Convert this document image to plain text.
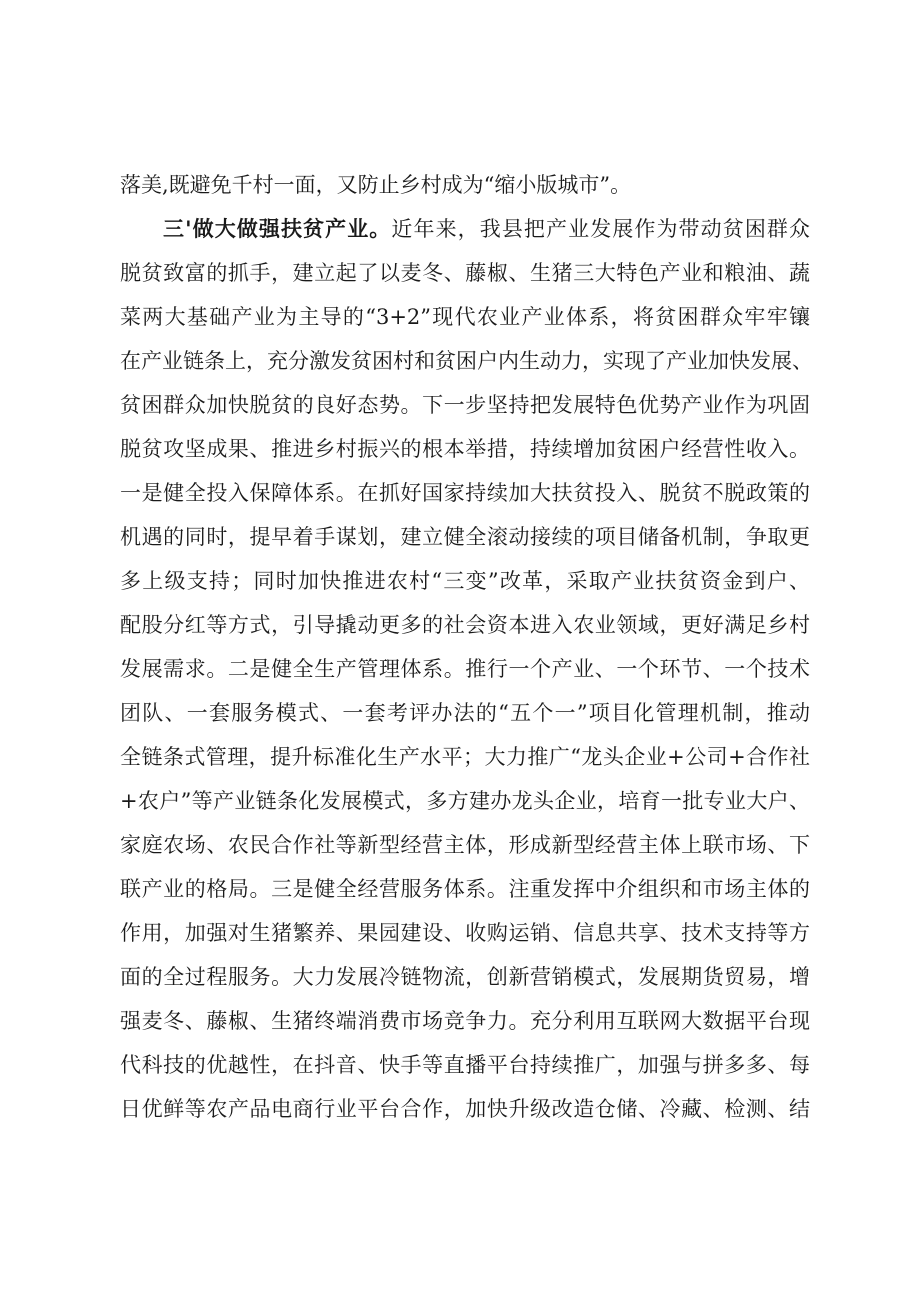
落美,既避免千村一面，又防止乡村成为“缩小版城市”。
三'做大做强扶贫产业。近年来，我县把产业发展作为带动贫困群众
脱贫致富的抓手，建立起了以麦冬、藤椒、生猪三大特色产业和粮油、蔬
菜两大基础产业为主导的“3+2”现代农业产业体系，将贫困群众牢牢镶
在产业链条上，充分激发贫困村和贫困户内生动力，实现了产业加快发展、
贫困群众加快脱贫的良好态势。下一步坚持把发展特色优势产业作为巩固
脱贫攻坚成果、推进乡村振兴的根本举措，持续增加贫困户经营性收入。
一是健全投入保障体系。在抓好国家持续加大扶贫投入、脱贫不脱政策的
机遇的同时，提早着手谋划，建立健全滚动接续的项目储备机制，争取更
多上级支持；同时加快推进农村“三变”改革，采取产业扶贫资金到户、
配股分红等方式，引导撬动更多的社会资本进入农业领域，更好满足乡村
发展需求。二是健全生产管理体系。推行一个产业、一个环节、一个技术
团队、一套服务模式、一套考评办法的“五个一”项目化管理机制，推动
全链条式管理，提升标准化生产水平；大力推广“龙头企业+公司+合作社
+农户”等产业链条化发展模式，多方建办龙头企业，培育一批专业大户、
家庭农场、农民合作社等新型经营主体，形成新型经营主体上联市场、下
联产业的格局。三是健全经营服务体系。注重发挥中介组织和市场主体的
作用，加强对生猪繁养、果园建设、收购运销、信息共享、技术支持等方
面的全过程服务。大力发展冷链物流，创新营销模式，发展期货贸易，增
强麦冬、藤椒、生猪终端消费市场竞争力。充分利用互联网大数据平台现
代科技的优越性，在抖音、快手等直播平台持续推广，加强与拼多多、每
日优鲜等农产品电商行业平台合作，加快升级改造仓储、冷藏、检测、结
